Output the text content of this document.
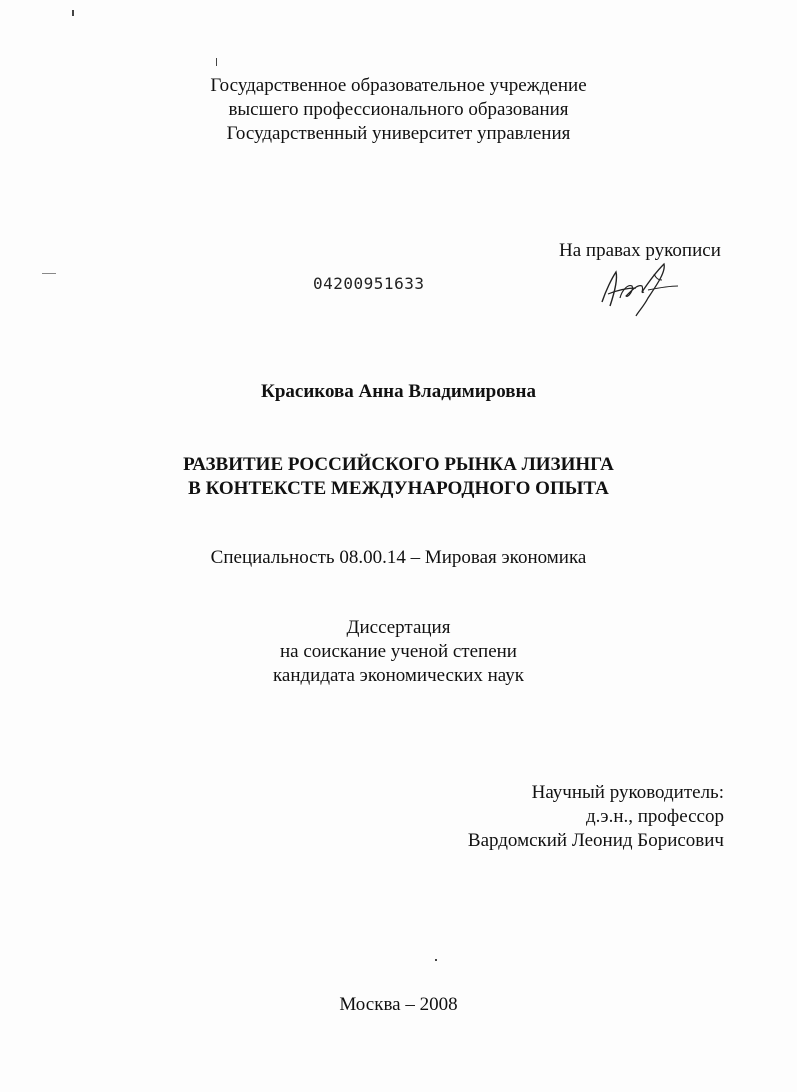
Государственное образовательное учреждение
высшего профессионального образования
Государственный университет управления
На правах рукописи
04200951633
Красикова Анна Владимировна
РАЗВИТИЕ РОССИЙСКОГО РЫНКА ЛИЗИНГА
В КОНТЕКСТЕ МЕЖДУНАРОДНОГО ОПЫТА
Специальность 08.00.14 – Мировая экономика
Диссертация
на соискание ученой степени
кандидата экономических наук
Научный руководитель:
д.э.н., профессор
Вардомский Леонид Борисович
Москва – 2008
